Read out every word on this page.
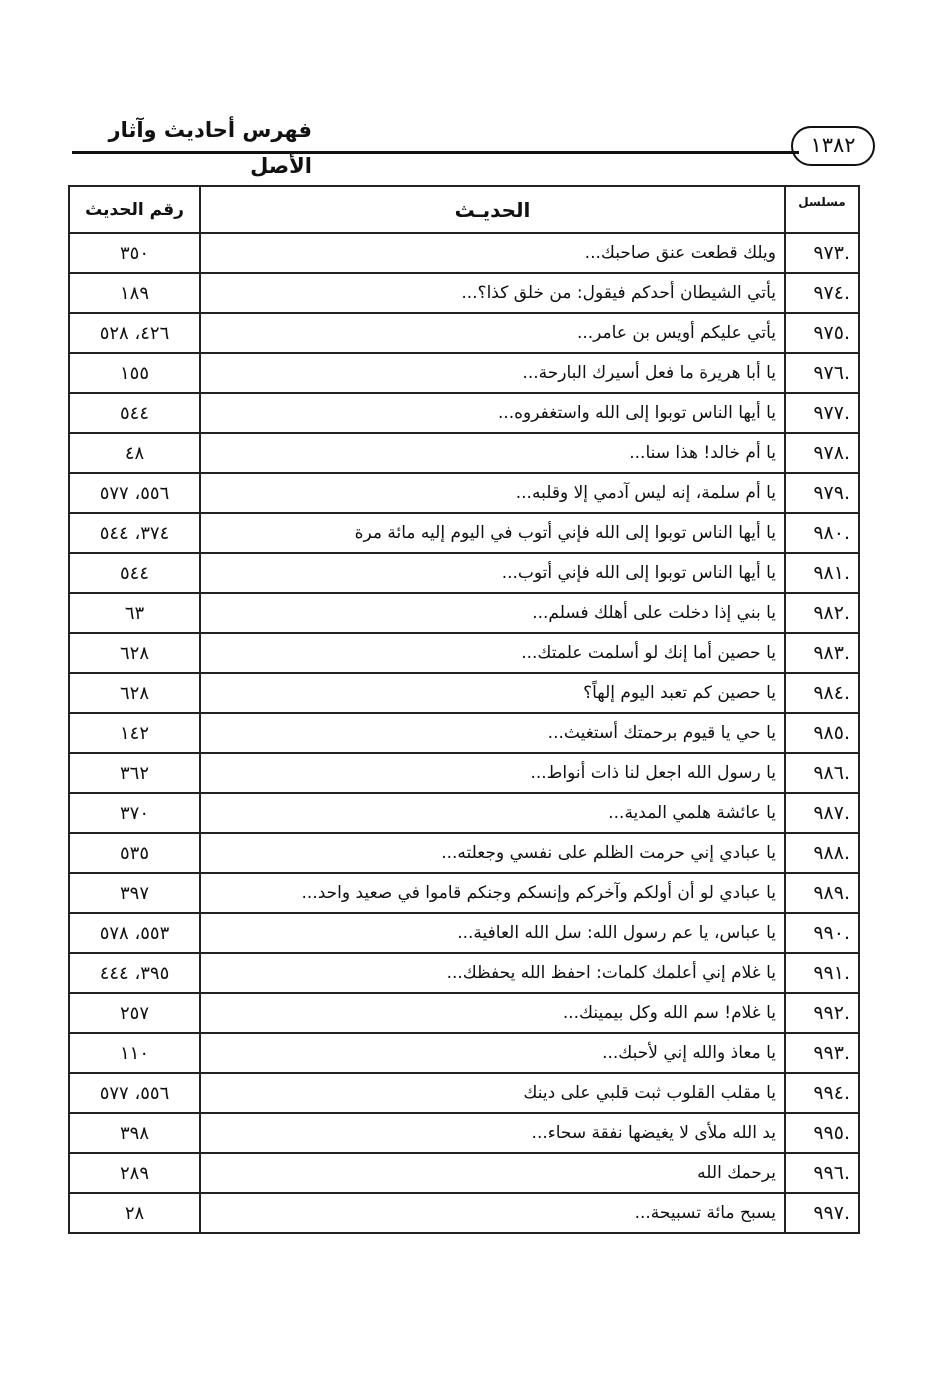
١٣٨٢
فهرس أحاديث وآثار الأصل
مسلسل	الحديـث	رقم الحديث
.٩٧٣	ويلك قطعت عنق صاحبك...	٣٥٠
.٩٧٤	يأتي الشيطان أحدكم فيقول: من خلق كذا؟...	١٨٩
.٩٧٥	يأتي عليكم أويس بن عامر...	٤٢٦، ٥٢٨
.٩٧٦	يا أبا هريرة ما فعل أسيرك البارحة...	١٥٥
.٩٧٧	يا أيها الناس توبوا إلى الله واستغفروه...	٥٤٤
.٩٧٨	يا أم خالد! هذا سنا...	٤٨
.٩٧٩	يا أم سلمة، إنه ليس آدمي إلا وقلبه...	٥٥٦، ٥٧٧
.٩٨٠	يا أيها الناس توبوا إلى الله فإني أتوب في اليوم إليه مائة مرة	٣٧٤، ٥٤٤
.٩٨١	يا أيها الناس توبوا إلى الله فإني أتوب...	٥٤٤
.٩٨٢	يا بني إذا دخلت على أهلك فسلم...	٦٣
.٩٨٣	يا حصين أما إنك لو أسلمت علمتك...	٦٢٨
.٩٨٤	يا حصين كم تعبد اليوم إلهاً؟	٦٢٨
.٩٨٥	يا حي يا قيوم برحمتك أستغيث...	١٤٢
.٩٨٦	يا رسول الله اجعل لنا ذات أنواط...	٣٦٢
.٩٨٧	يا عائشة هلمي المدية...	٣٧٠
.٩٨٨	يا عبادي إني حرمت الظلم على نفسي وجعلته...	٥٣٥
.٩٨٩	يا عبادي لو أن أولكم وآخركم وإنسكم وجنكم قاموا في صعيد واحد...	٣٩٧
.٩٩٠	يا عباس، يا عم رسول الله: سل الله العافية...	٥٥٣، ٥٧٨
.٩٩١	يا غلام إني أعلمك كلمات: احفظ الله يحفظك...	٣٩٥، ٤٤٤
.٩٩٢	يا غلام! سم الله وكل بيمينك...	٢٥٧
.٩٩٣	يا معاذ والله إني لأحبك...	١١٠
.٩٩٤	يا مقلب القلوب ثبت قلبي على دينك	٥٥٦، ٥٧٧
.٩٩٥	يد الله ملأى لا يغيضها نفقة سحاء...	٣٩٨
.٩٩٦	يرحمك الله	٢٨٩
.٩٩٧	يسبح مائة تسبيحة...	٢٨
